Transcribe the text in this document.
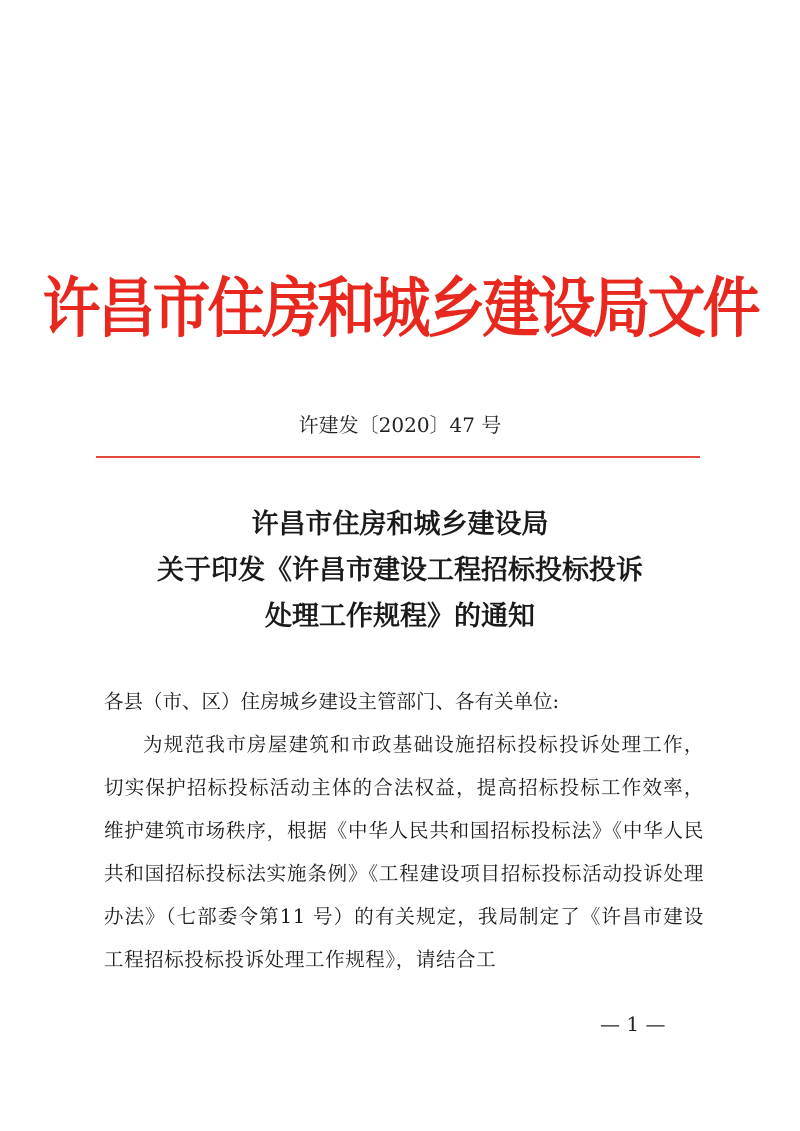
许昌市住房和城乡建设局文件
许建发〔2020〕47 号
许昌市住房和城乡建设局
关于印发《许昌市建设工程招标投标投诉
处理工作规程》的通知
各县（市、区）住房城乡建设主管部门、各有关单位:
为规范我市房屋建筑和市政基础设施招标投标投诉处理工作，切实保护招标投标活动主体的合法权益，提高招标投标工作效率，维护建筑市场秩序，根据《中华人民共和国招标投标法》《中华人民共和国招标投标法实施条例》《工程建设项目招标投标活动投诉处理办法》（七部委令第11 号）的有关规定，我局制定了《许昌市建设工程招标投标投诉处理工作规程》，请结合工
— 1 —
